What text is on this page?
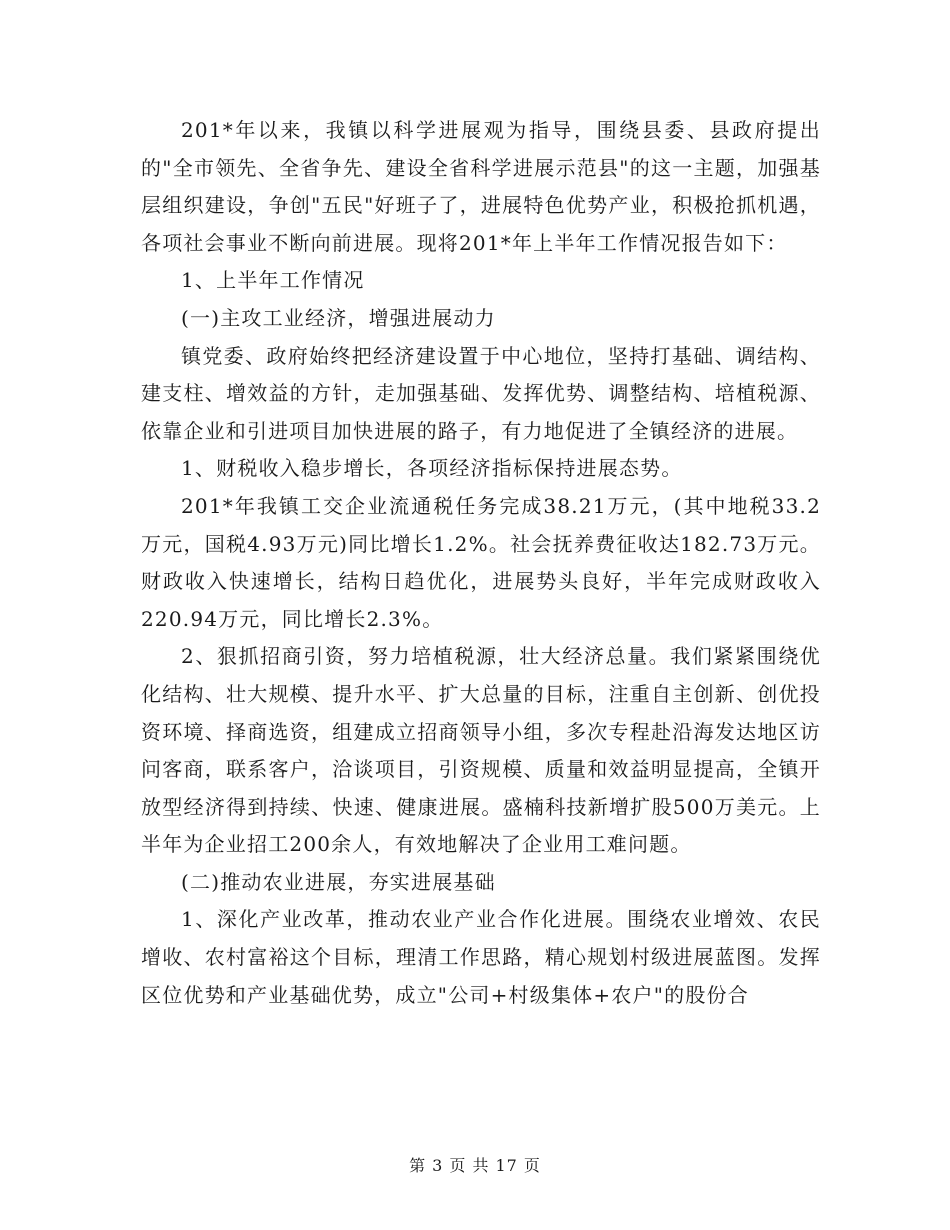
201*年以来，我镇以科学进展观为指导，围绕县委、县政府提出的"全市领先、全省争先、建设全省科学进展示范县"的这一主题，加强基层组织建设，争创"五民"好班子了，进展特色优势产业，积极抢抓机遇，各项社会事业不断向前进展。现将201*年上半年工作情况报告如下：

1、上半年工作情况

(一)主攻工业经济，增强进展动力

镇党委、政府始终把经济建设置于中心地位，坚持打基础、调结构、建支柱、增效益的方针，走加强基础、发挥优势、调整结构、培植税源、依靠企业和引进项目加快进展的路子，有力地促进了全镇经济的进展。

1、财税收入稳步增长，各项经济指标保持进展态势。

201*年我镇工交企业流通税任务完成38.21万元，(其中地税33.2万元，国税4.93万元)同比增长1.2%。社会抚养费征收达182.73万元。财政收入快速增长，结构日趋优化，进展势头良好，半年完成财政收入220.94万元，同比增长2.3%。

2、狠抓招商引资，努力培植税源，壮大经济总量。我们紧紧围绕优化结构、壮大规模、提升水平、扩大总量的目标，注重自主创新、创优投资环境、择商选资，组建成立招商领导小组，多次专程赴沿海发达地区访问客商，联系客户，洽谈项目，引资规模、质量和效益明显提高，全镇开放型经济得到持续、快速、健康进展。盛楠科技新增扩股500万美元。上半年为企业招工200余人，有效地解决了企业用工难问题。

(二)推动农业进展，夯实进展基础

1、深化产业改革，推动农业产业合作化进展。围绕农业增效、农民增收、农村富裕这个目标，理清工作思路，精心规划村级进展蓝图。发挥区位优势和产业基础优势，成立"公司+村级集体+农户"的股份合

第 3 页 共 17 页
